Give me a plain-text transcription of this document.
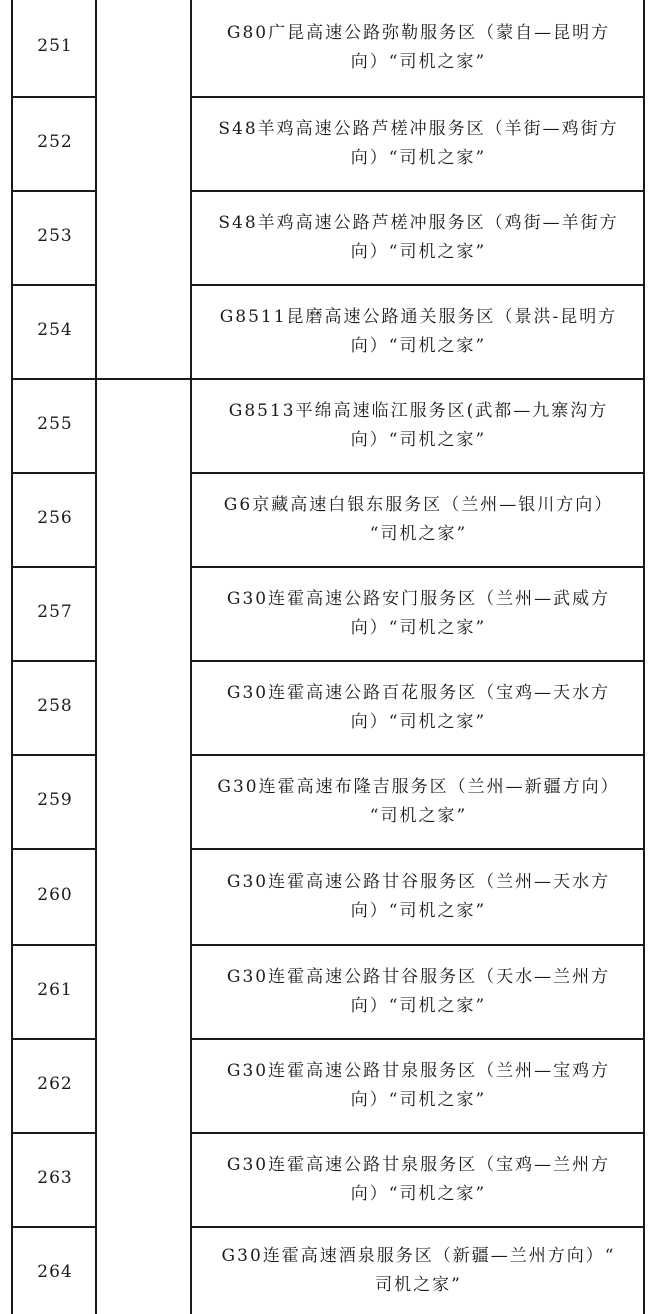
251
G80广昆高速公路弥勒服务区（蒙自—昆明方
向）“司机之家”
252
S48羊鸡高速公路芦槎冲服务区（羊街—鸡街方
向）“司机之家”
253
S48羊鸡高速公路芦槎冲服务区（鸡街—羊街方
向）“司机之家”
254
G8511昆磨高速公路通关服务区（景洪-昆明方
向）“司机之家”
255
G8513平绵高速临江服务区(武都—九寨沟方
向）“司机之家”
256
G6京藏高速白银东服务区（兰州—银川方向）
“司机之家”
257
G30连霍高速公路安门服务区（兰州—武威方
向）“司机之家”
258
G30连霍高速公路百花服务区（宝鸡—天水方
向）“司机之家”
259
G30连霍高速布隆吉服务区（兰州—新疆方向）
“司机之家”
260
G30连霍高速公路甘谷服务区（兰州—天水方
向）“司机之家”
261
G30连霍高速公路甘谷服务区（天水—兰州方
向）“司机之家”
262
G30连霍高速公路甘泉服务区（兰州—宝鸡方
向）“司机之家”
263
G30连霍高速公路甘泉服务区（宝鸡—兰州方
向）“司机之家”
264
G30连霍高速酒泉服务区（新疆—兰州方向）“
司机之家”
